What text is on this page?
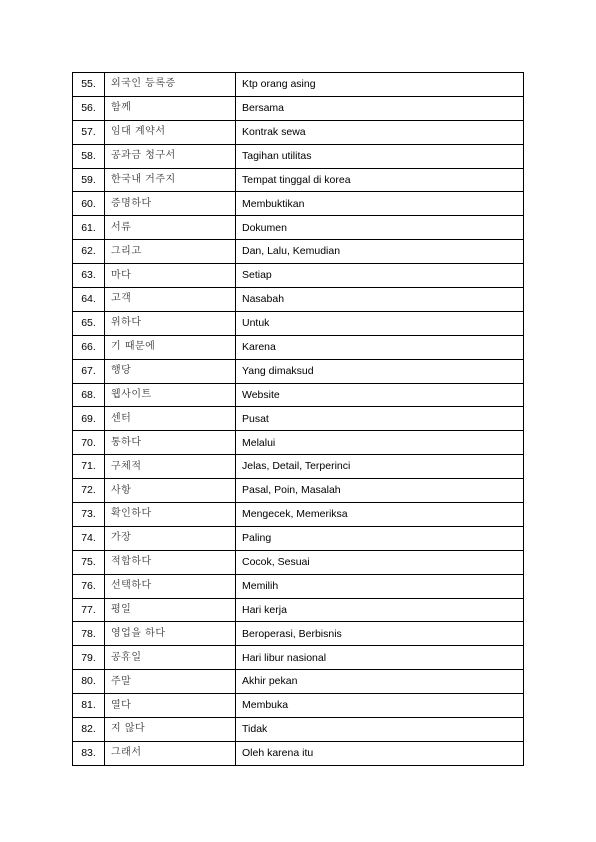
55.	외국인 등록증	Ktp orang asing
56.	함께	Bersama
57.	임대 계약서	Kontrak sewa
58.	공과금 청구서	Tagihan utilitas
59.	한국내 거주지	Tempat tinggal di korea
60.	증명하다	Membuktikan
61.	서류	Dokumen
62.	그리고	Dan, Lalu, Kemudian
63.	마다	Setiap
64.	고객	Nasabah
65.	위하다	Untuk
66.	기 때문에	Karena
67.	행당	Yang dimaksud
68.	웹사이트	Website
69.	센터	Pusat
70.	통하다	Melalui
71.	구체적	Jelas, Detail, Terperinci
72.	사항	Pasal, Poin, Masalah
73.	확인하다	Mengecek, Memeriksa
74.	가장	Paling
75.	적합하다	Cocok, Sesuai
76.	선택하다	Memilih
77.	평일	Hari kerja
78.	영업을 하다	Beroperasi, Berbisnis
79.	공휴일	Hari libur nasional
80.	주말	Akhir pekan
81.	열다	Membuka
82.	지 않다	Tidak
83.	그래서	Oleh karena itu
